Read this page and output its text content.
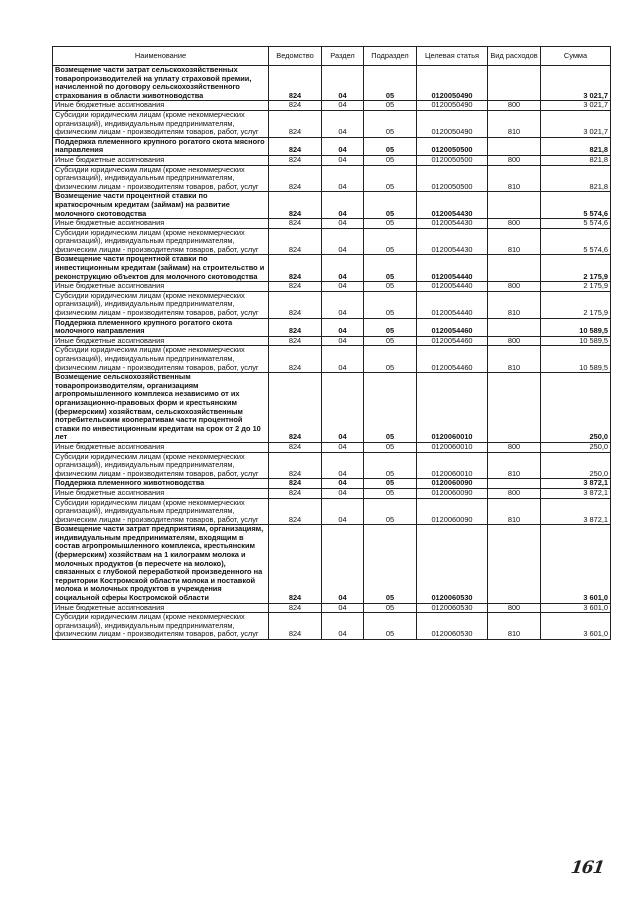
Наименование	Ведомство	Раздел	Подраздел	Целевая статья	Вид расходов	Сумма
Возмещение части затрат сельскохозяйственных товаропроизводителей на уплату страховой премии, начисленной по договору сельскохозяйственного страхования в области животноводства	824	04	05	0120050490		3 021,7
Иные бюджетные ассигнования	824	04	05	0120050490	800	3 021,7
Субсидии юридическим лицам (кроме некоммерческих организаций), индивидуальным предпринимателям, физическим лицам - производителям товаров, работ, услуг	824	04	05	0120050490	810	3 021,7
Поддержка племенного крупного рогатого скота мясного направления	824	04	05	0120050500		821,8
Иные бюджетные ассигнования	824	04	05	0120050500	800	821,8
Субсидии юридическим лицам (кроме некоммерческих организаций), индивидуальным предпринимателям, физическим лицам - производителям товаров, работ, услуг	824	04	05	0120050500	810	821,8
Возмещение части процентной ставки по краткосрочным кредитам (займам) на развитие молочного скотоводства	824	04	05	0120054430		5 574,6
Иные бюджетные ассигнования	824	04	05	0120054430	800	5 574,6
Субсидии юридическим лицам (кроме некоммерческих организаций), индивидуальным предпринимателям, физическим лицам - производителям товаров, работ, услуг	824	04	05	0120054430	810	5 574,6
Возмещение части процентной ставки по инвестиционным кредитам (займам) на строительство и реконструкцию объектов для молочного скотоводства	824	04	05	0120054440		2 175,9
Иные бюджетные ассигнования	824	04	05	0120054440	800	2 175,9
Субсидии юридическим лицам (кроме некоммерческих организаций), индивидуальным предпринимателям, физическим лицам - производителям товаров, работ, услуг	824	04	05	0120054440	810	2 175,9
Поддержка племенного крупного рогатого скота молочного направления	824	04	05	0120054460		10 589,5
Иные бюджетные ассигнования	824	04	05	0120054460	800	10 589,5
Субсидии юридическим лицам (кроме некоммерческих организаций), индивидуальным предпринимателям, физическим лицам - производителям товаров, работ, услуг	824	04	05	0120054460	810	10 589,5
Возмещение сельскохозяйственным товаропроизводителям, организациям агропромышленного комплекса независимо от их организационно-правовых форм и крестьянским (фермерским) хозяйствам, сельскохозяйственным потребительским кооперативам части процентной ставки по инвестиционным кредитам на срок от 2 до 10 лет	824	04	05	0120060010		250,0
Иные бюджетные ассигнования	824	04	05	0120060010	800	250,0
Субсидии юридическим лицам (кроме некоммерческих организаций), индивидуальным предпринимателям, физическим лицам - производителям товаров, работ, услуг	824	04	05	0120060010	810	250,0
Поддержка племенного животноводства	824	04	05	0120060090		3 872,1
Иные бюджетные ассигнования	824	04	05	0120060090	800	3 872,1
Субсидии юридическим лицам (кроме некоммерческих организаций), индивидуальным предпринимателям, физическим лицам - производителям товаров, работ, услуг	824	04	05	0120060090	810	3 872,1
Возмещение части затрат предприятиям, организациям, индивидуальным предпринимателям, входящим в состав агропромышленного комплекса, крестьянским (фермерским) хозяйствам на 1 килограмм молока и молочных продуктов (в пересчете на молоко), связанных с глубокой переработкой произведенного на территории Костромской области молока и поставкой молока и молочных продуктов в учреждения социальной сферы Костромской области	824	04	05	0120060530		3 601,0
Иные бюджетные ассигнования	824	04	05	0120060530	800	3 601,0
Субсидии юридическим лицам (кроме некоммерческих организаций), индивидуальным предпринимателям, физическим лицам - производителям товаров, работ, услуг	824	04	05	0120060530	810	3 601,0
161
